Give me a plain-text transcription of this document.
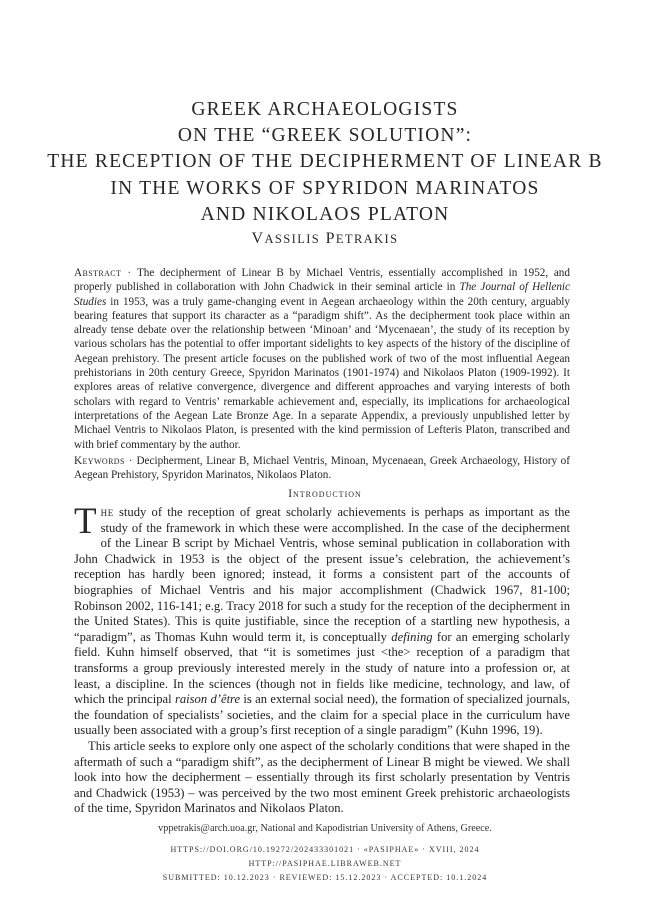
GREEK ARCHAEOLOGISTS
ON THE “GREEK SOLUTION”:
THE RECEPTION OF THE DECIPHERMENT OF LINEAR B
IN THE WORKS OF SPYRIDON MARINATOS
AND NIKOLAOS PLATON
VASSILIS PETRAKIS

Abstract · The decipherment of Linear B by Michael Ventris, essentially accomplished in 1952, and properly published in collaboration with John Chadwick in their seminal article in The Journal of Hellenic Studies in 1953, was a truly game-changing event in Aegean archaeology within the 20th century, arguably bearing features that support its character as a “paradigm shift”. As the decipherment took place within an already tense debate over the relationship between ‘Minoan’ and ‘Mycenaean’, the study of its reception by various scholars has the potential to offer important sidelights to key aspects of the history of the discipline of Aegean prehistory. The present article focuses on the published work of two of the most influential Aegean prehistorians in 20th century Greece, Spyridon Marinatos (1901-1974) and Nikolaos Platon (1909-1992). It explores areas of relative convergence, divergence and different approaches and varying interests of both scholars with regard to Ventris’ remarkable achievement and, especially, its implications for archaeological interpretations of the Aegean Late Bronze Age. In a separate Appendix, a previously unpublished letter by Michael Ventris to Nikolaos Platon, is presented with the kind permission of Lefteris Platon, transcribed and with brief commentary by the author.

Keywords · Decipherment, Linear B, Michael Ventris, Minoan, Mycenaean, Greek Archaeology, History of Aegean Prehistory, Spyridon Marinatos, Nikolaos Platon.

Introduction

The study of the reception of great scholarly achievements is perhaps as important as the study of the framework in which these were accomplished. In the case of the decipherment of the Linear B script by Michael Ventris, whose seminal publication in collaboration with John Chadwick in 1953 is the object of the present issue’s celebration, the achievement’s reception has hardly been ignored; instead, it forms a consistent part of the accounts of biographies of Michael Ventris and his major accomplishment (Chadwick 1967, 81-100; Robinson 2002, 116-141; e.g. Tracy 2018 for such a study for the reception of the decipherment in the United States). This is quite justifiable, since the reception of a startling new hypothesis, a “paradigm”, as Thomas Kuhn would term it, is conceptually defining for an emerging scholarly field. Kuhn himself observed, that “it is sometimes just <the> reception of a paradigm that transforms a group previously interested merely in the study of nature into a profession or, at least, a discipline. In the sciences (though not in fields like medicine, technology, and law, of which the principal raison d’être is an external social need), the formation of specialized journals, the foundation of specialists’ societies, and the claim for a special place in the curriculum have usually been associated with a group’s first reception of a single paradigm” (Kuhn 1996, 19).

This article seeks to explore only one aspect of the scholarly conditions that were shaped in the aftermath of such a “paradigm shift”, as the decipherment of Linear B might be viewed. We shall look into how the decipherment – essentially through its first scholarly presentation by Ventris and Chadwick (1953) – was perceived by the two most eminent Greek prehistoric archaeologists of the time, Spyridon Marinatos and Nikolaos Platon.

vppetrakis@arch.uoa.gr, National and Kapodistrian University of Athens, Greece.
HTTPS://DOI.ORG/10.19272/202433301021 · «PASIPHAE» · XVIII, 2024
HTTP://PASIPHAE.LIBRAWEB.NET
SUBMITTED: 10.12.2023 · REVIEWED: 15.12.2023 · ACCEPTED: 10.1.2024
